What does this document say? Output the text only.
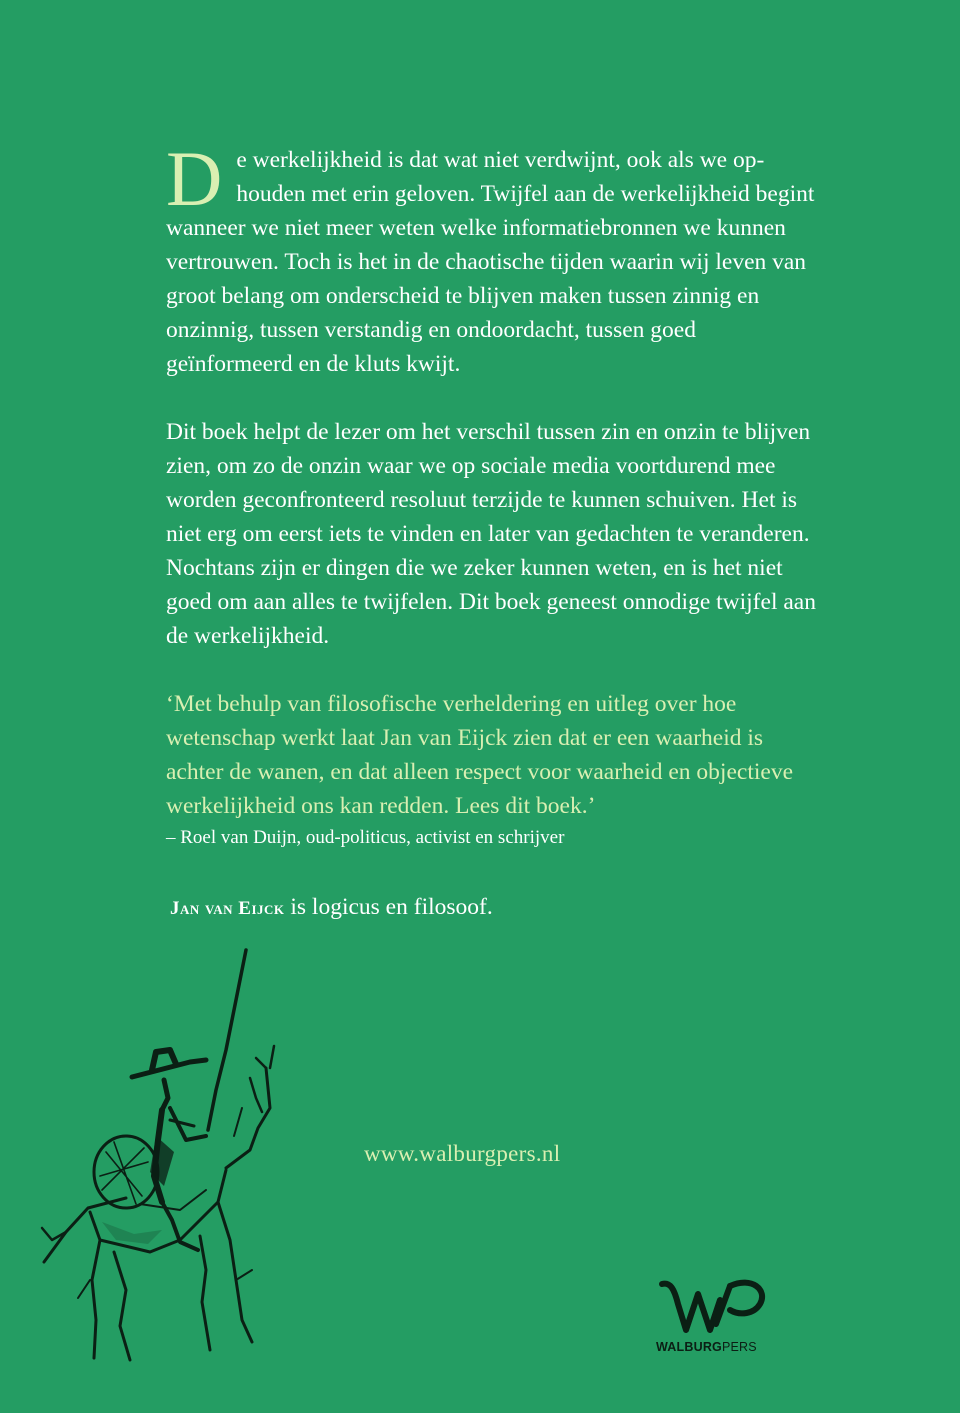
De werkelijkheid is dat wat niet verdwijnt, ook als we ophouden met erin geloven. Twijfel aan de werkelijkheid begint wanneer we niet meer weten welke informatiebronnen we kunnen vertrouwen. Toch is het in de chaotische tijden waarin wij leven van groot belang om onderscheid te blijven maken tussen zinnig en onzinnig, tussen verstandig en ondoordacht, tussen goed geïnformeerd en de kluts kwijt.

Dit boek helpt de lezer om het verschil tussen zin en onzin te blijven zien, om zo de onzin waar we op sociale media voortdurend mee worden geconfronteerd resoluut terzijde te kunnen schuiven. Het is niet erg om eerst iets te vinden en later van gedachten te veranderen. Nochtans zijn er dingen die we zeker kunnen weten, en is het niet goed om aan alles te twijfelen. Dit boek geneest onnodige twijfel aan de werkelijkheid.

‘Met behulp van filosofische verheldering en uitleg over hoe wetenschap werkt laat Jan van Eijck zien dat er een waarheid is achter de wanen, en dat alleen respect voor waarheid en objectieve werkelijkheid ons kan redden. Lees dit boek.’

– Roel van Duijn, oud-politicus, activist en schrijver

Jan van Eijck is logicus en filosoof.
www.walburgpers.nl
WALBURGPERS
